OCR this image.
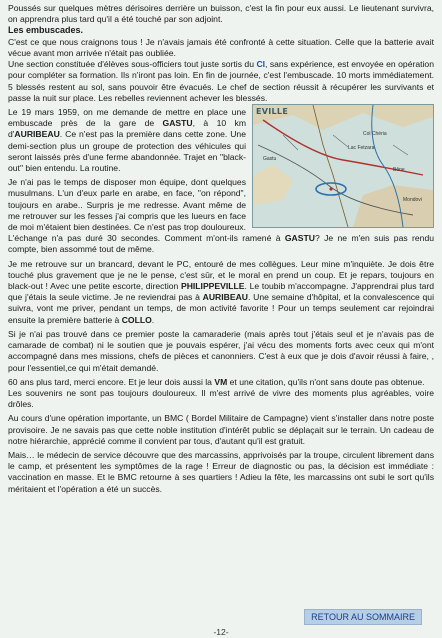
Poussés sur quelques mètres dérisoires derrière un buisson, c'est la fin pour eux aussi. Le lieutenant survivra, on apprendra plus tard qu'il a été touché par son adjoint.

Les embuscades.

C'est ce que nous craignons tous ! Je n'avais jamais été confronté à cette situation. Celle que la batterie avait vécue avant mon arrivée n'était pas oubliée.

Une section constituée d'élèves sous-officiers tout juste sortis du CI, sans expérience, est envoyée en opération pour compléter sa formation. Ils n'iront pas loin. En fin de journée, c'est l'embuscade. 10 morts immédiatement. 5 blessés restent au sol, sans pouvoir être évacués. Le chef de section réussit à récupérer les survivants et passe la nuit sur place. Les rebelles reviennent achever les blessés.

Col Chéria
Lac Fetzara
Gastu
Bône
Mondovi
EVILLE

Le 19 mars 1959, on me demande de mettre en place une embuscade près de la gare de GASTU, à 10 km d'AURIBEAU. Ce n'est pas la première dans cette zone. Une demi-section plus un groupe de protection des véhicules qui seront laissés près d'une ferme abandonnée. Trajet en "black-out" bien entendu. La routine.

Je n'ai pas le temps de disposer mon équipe, dont quelques musulmans. L'un d'eux parle en arabe, en face, "on répond", toujours en arabe.. Surpris je me redresse. Avant même de me retrouver sur les fesses j'ai compris que les lueurs en face de moi m'étaient bien destinées. Ce n'est pas trop douloureux. L'échange n'a pas duré 30 secondes. Comment m'ont-ils ramené à GASTU? Je ne m'en suis pas rendu compte, bien assommé tout de même.

Je me retrouve sur un brancard, devant le PC, entouré de mes collègues. Leur mine m'inquiète. Je dois être touché plus gravement que je ne le pense, c'est sûr, et le moral en prend un coup. Et je repars, toujours en black-out ! Avec une petite escorte, direction PHILIPPEVILLE. Le toubib m'accompagne. J'apprendrai plus tard que j'étais la seule victime. Je ne reviendrai pas à AURIBEAU. Une semaine d'hôpital, et la convalescence qui suivra, vont me priver, pendant un temps, de mon activité favorite ! Pour un temps seulement car rejoindrai ensuite la première batterie à COLLO.

Si je n'ai pas trouvé dans ce premier poste la camaraderie (mais après tout j'étais seul et je n'avais pas de camarade de combat) ni le soutien que je pouvais espérer, j'ai vécu des moments forts avec ceux qui m'ont accompagné dans mes missions, chefs de pièces et canonniers. C'est à eux que je dois d'avoir réussi à faire, , pour l'essentiel,ce qui m'était demandé.

60 ans plus tard, merci encore. Et je leur dois aussi la VM et une citation, qu'ils n'ont sans doute pas obtenue.

Les souvenirs ne sont pas toujours douloureux. Il m'est arrivé de vivre des moments plus agréables, voire drôles.

Au cours d'une opération importante, un BMC ( Bordel Militaire de Campagne) vient s'installer dans notre poste provisoire. Je ne savais pas que cette noble institution d'intérêt public se déplaçait sur le terrain. Un cadeau de notre hiérarchie, apprécié comme il convient par tous, d'autant qu'il est gratuit.

Mais… le médecin de service découvre que des marcassins, apprivoisés par la troupe, circulent librement dans le camp, et présentent les symptômes de la rage ! Erreur de diagnostic ou pas, la décision est immédiate : vaccination en masse. Et le BMC retourne à ses quartiers ! Adieu la fête, les marcassins ont subi le sort qu'ils méritaient et l'opération a été un succès.

RETOUR AU SOMMAIRE
-12-
